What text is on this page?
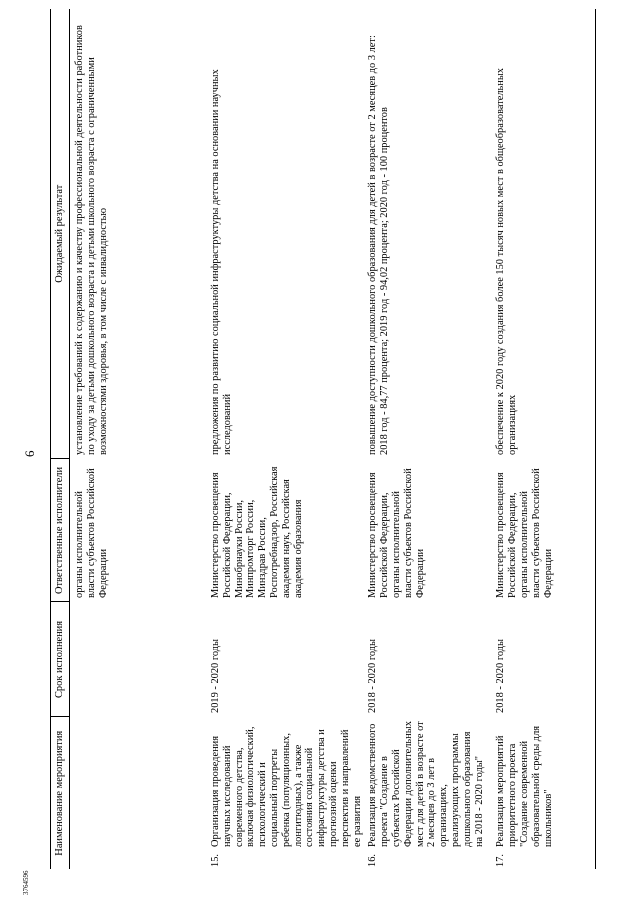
3764596
6
Наименование мероприятия		Срок исполнения	Ответственные исполнители	Ожидаемый результат
			органы исполнительной власти субъектов Российской Федерации	установление требований к содержанию и качеству профессиональной деятельности работников по уходу за детьми дошкольного возраста и детьми школьного возраста с ограниченными возможностями здоровья, в том числе с инвалидностью
15.	Организация проведения научных исследований современного детства, включая физиологический, психологический и социальный портреты ребенка (популяционных, лонгитюдных), а также состояния социальной инфраструктуры детства и прогнозной оценки перспектив и направлений ее развития	2019 - 2020 годы	Министерство просвещения Российской Федерации, Минобрнауки России, Минпромторг России, Минздрав России, Роспотребнадзор, Российская академия наук, Российская академия образования	предложения по развитию социальной инфраструктуры детства на основании научных исследований
16.	Реализация ведомственного проекта "Создание в субъектах Российской Федерации дополнительных мест для детей в возрасте от 2 месяцев до 3 лет в организациях, реализующих программы дошкольного образования на 2018 - 2020 годы"	2018 - 2020 годы	Министерство просвещения Российской Федерации, органы исполнительной власти субъектов Российской Федерации	повышение доступности дошкольного образования для детей в возрасте от 2 месяцев до 3 лет: 2018 год - 84,77 процента; 2019 год - 94,02 процента; 2020 год - 100 процентов
17.	Реализация мероприятий приоритетного проекта "Создание современной образовательной среды для школьников"	2018 - 2020 годы	Министерство просвещения Российской Федерации, органы исполнительной власти субъектов Российской Федерации	обеспечение к 2020 году создания более 150 тысяч новых мест в общеобразовательных организациях
